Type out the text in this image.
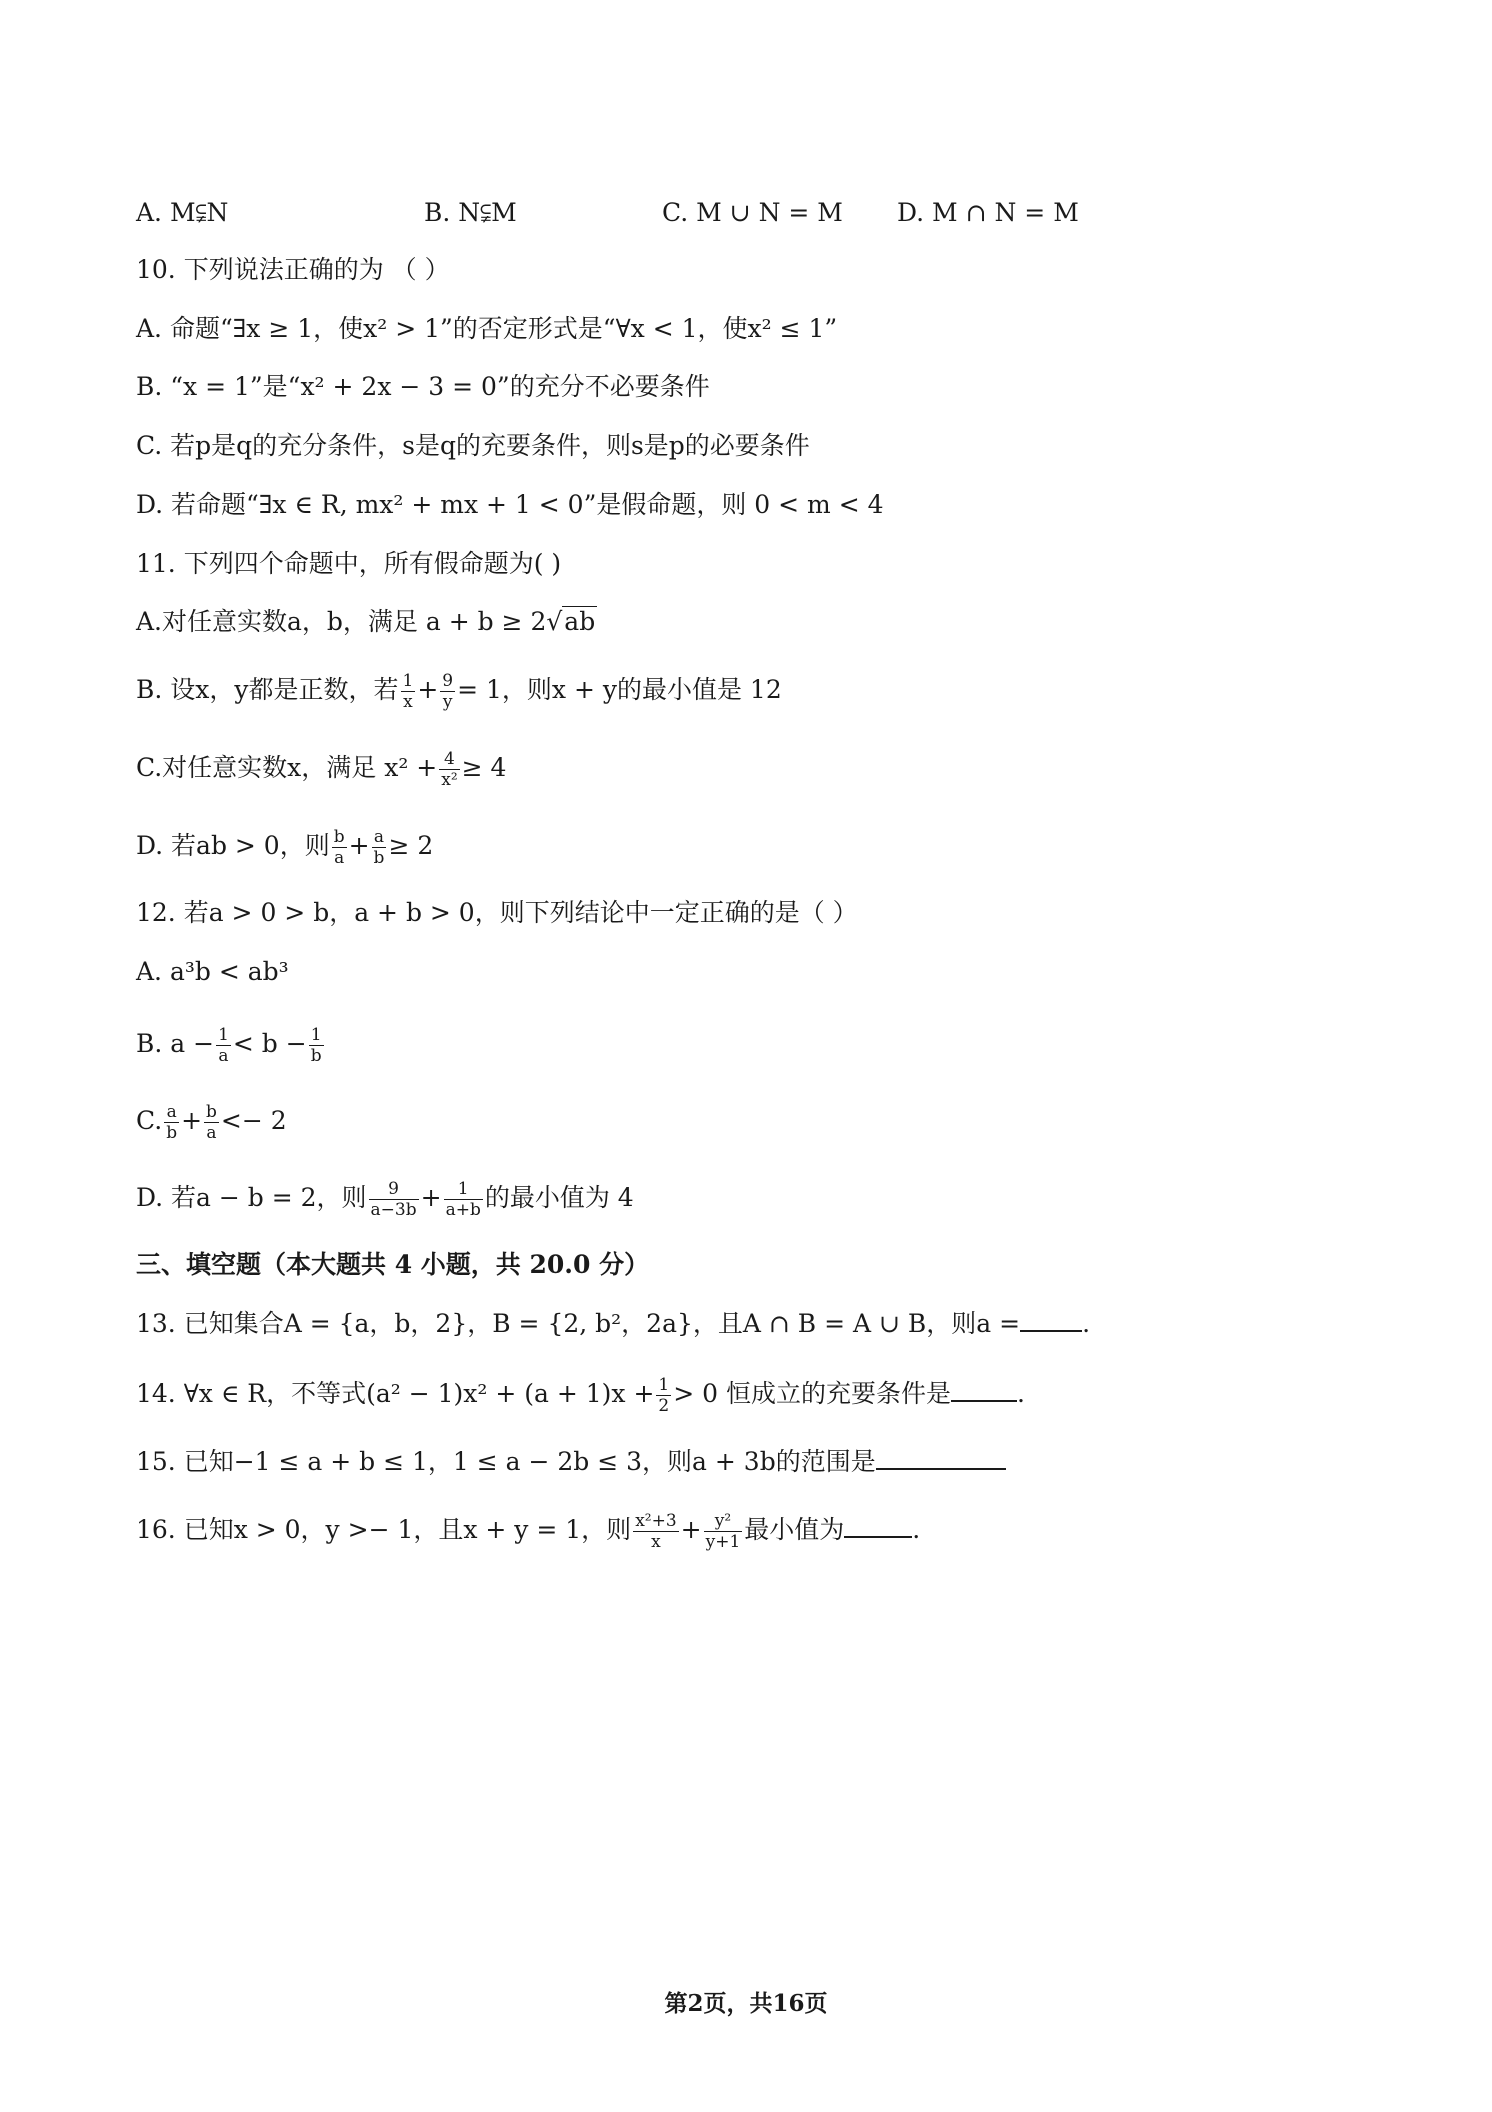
A. M⫋N	B. N⫋M	C. M ∪ N = M D. M ∩ N = M
10. 下列说法正确的为 （ ）
A. 命题“∃x ≥ 1，使x² > 1”的否定形式是“∀x < 1，使x² ≤ 1”
B. “x = 1”是“x² + 2x − 3 = 0”的充分不必要条件
C. 若p是q的充分条件，s是q的充要条件，则s是p的必要条件
D. 若命题“∃x ∈ R, mx² + mx + 1 < 0”是假命题，则 0 < m < 4
11. 下列四个命题中，所有假命题为( )
A.对任意实数a，b，满足 a + b ≥ 2√ab
B. 设x，y都是正数，若 $\frac{1}{x} + \frac{9}{y} = 1$，则x + y的最小值是 12
C.对任意实数x，满足 $x^2 + \frac{4}{\text{x²}} \ge 4$
D. 若ab > 0，则 $\frac{b}{a} + \frac{a}{b} \ge 2$
12. 若a > 0 > b，a + b > 0，则下列结论中一定正确的是（ ）
A. a³b < ab³
B. $a - \frac{1}{a} < b - \frac{1}{b}$
C. $\frac{a}{b} + \frac{b}{a} <- 2$
D. 若a − b = 2，则 $\frac{9}{a-3b} + \frac{1}{a+b}$ 的最小值为 4
三、填空题（本大题共 4 小题，共 20.0 分）
13. 已知集合A = {a，b，2}，B = {2, b²，2a}，且A ∩ B = A ∪ B，则a = .
14. ∀x ∈ R，不等式$(a^2 - 1)x^2 + (a + 1)x + \frac{1}{2} > 0$ 恒成立的充要条件是	.
15. 已知−1 ≤ a + b ≤ 1，1 ≤ a − 2b ≤ 3，则a + 3b的范围是
16. 已知x > 0，y >− 1，且x + y = 1，则 $\frac{\text{x²+3}}{x} + \frac{\text{y²}}{y+1}$ 最小值为	.
第2页，共16页
